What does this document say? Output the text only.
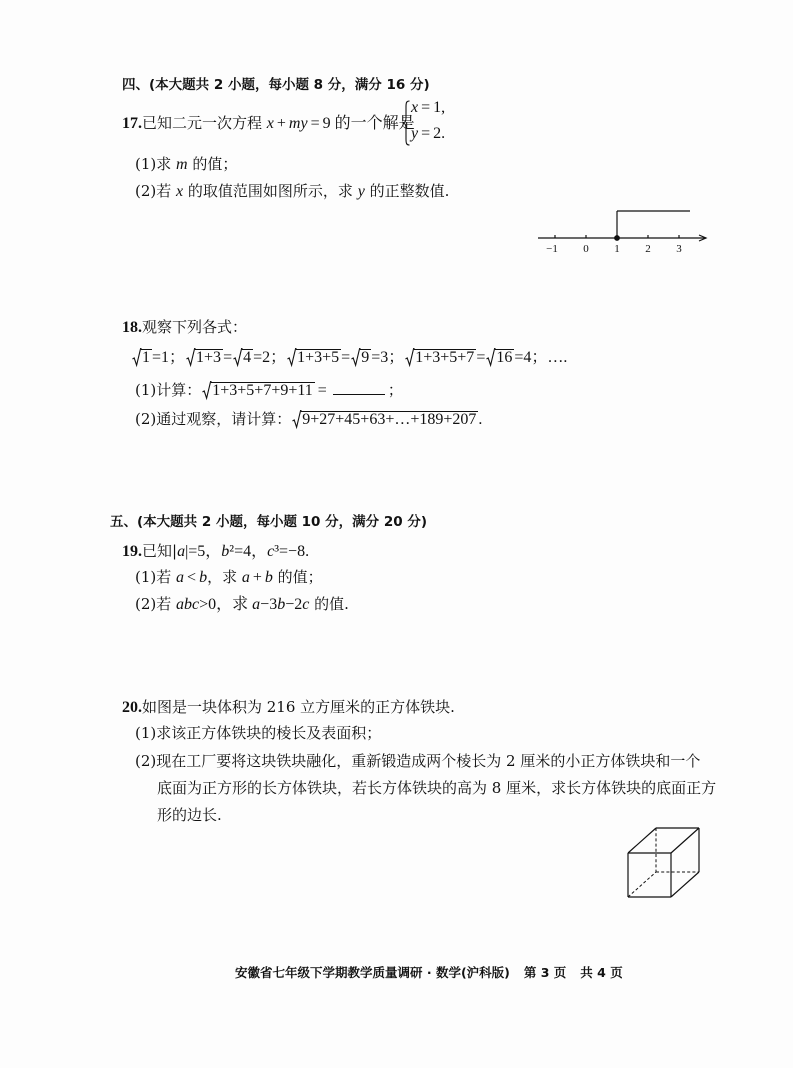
四、(本大题共 2 小题，每小题 8 分，满分 16 分)
17. 已知二元一次方程 x + my = 9 的一个解是
x = 1,
y = 2.
(1)求 m 的值；
(2)若 x 的取值范围如图所示，求 y 的正整数值.
−1	0	1	2	3
18. 观察下列各式：
1 =1； 1+3 = 4 =2； 1+3+5 = 9 =3； 1+3+5+7 = 16 =4； ….
(1)计算： 1+3+5+7+9+11 =	；
(2)通过观察，请计算： 9+27+45+63+…+189+207 .
五、(本大题共 2 小题，每小题 10 分，满分 20 分)
19. 已知| a |=5， b ²=4， c ³=−8.
(1)若 a < b ，求 a + b 的值；
(2)若 abc >0，求 a −3 b −2 c 的值.
20. 如图是一块体积为 216 立方厘米的正方体铁块.
(1)求该正方体铁块的棱长及表面积；
(2)现在工厂要将这块铁块融化，重新锻造成两个棱长为 2 厘米的小正方体铁块和一个
底面为正方形的长方体铁块，若长方体铁块的高为 8 厘米，求长方体铁块的底面正方
形的边长.
安徽省七年级下学期教学质量调研 · 数学(沪科版) 第 3 页 共 4 页
